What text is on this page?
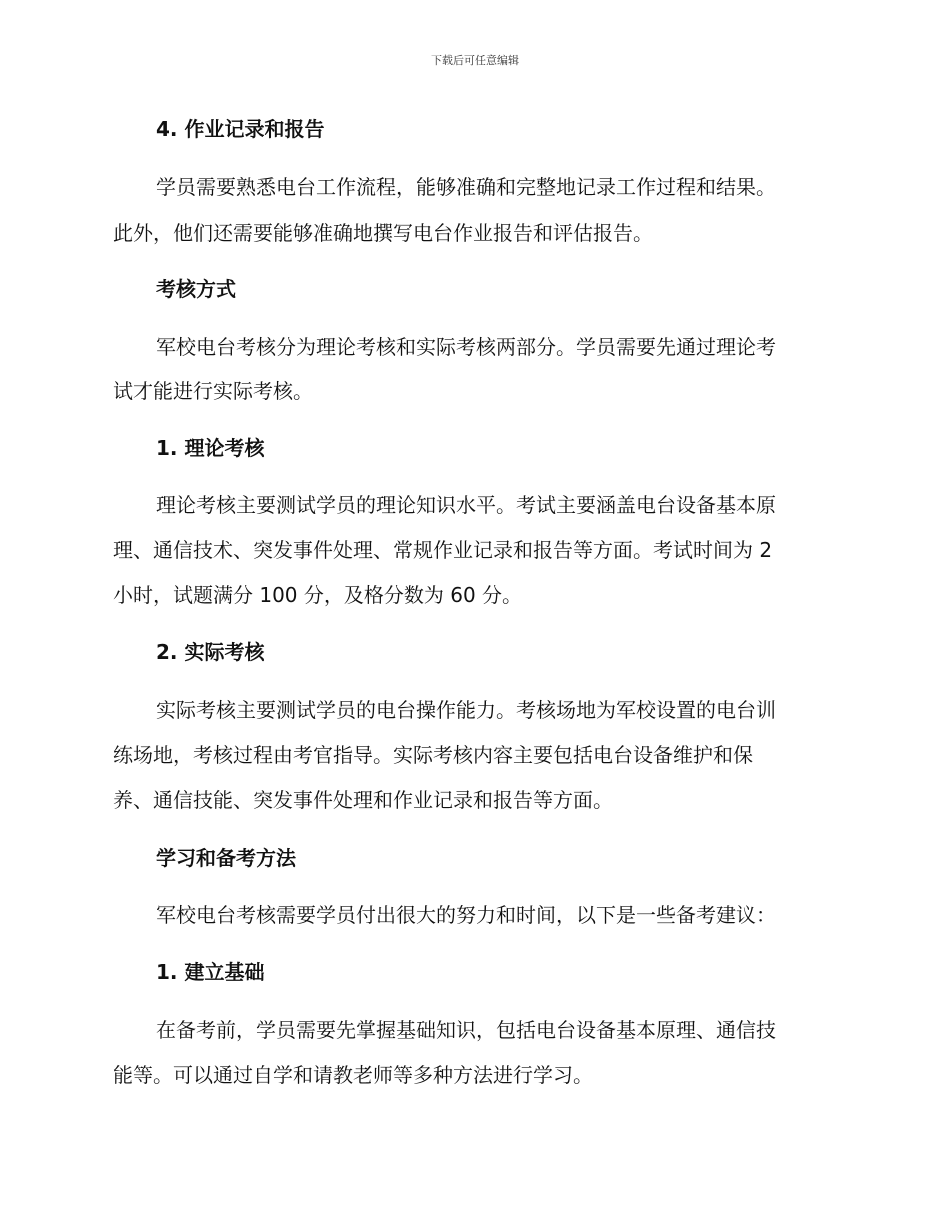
下载后可任意编辑
4. 作业记录和报告
学员需要熟悉电台工作流程，能够准确和完整地记录工作过程和结果。
此外，他们还需要能够准确地撰写电台作业报告和评估报告。
考核方式
军校电台考核分为理论考核和实际考核两部分。学员需要先通过理论考
试才能进行实际考核。
1. 理论考核
理论考核主要测试学员的理论知识水平。考试主要涵盖电台设备基本原
理、通信技术、突发事件处理、常规作业记录和报告等方面。考试时间为 2
小时，试题满分 100 分，及格分数为 60 分。
2. 实际考核
实际考核主要测试学员的电台操作能力。考核场地为军校设置的电台训
练场地，考核过程由考官指导。实际考核内容主要包括电台设备维护和保
养、通信技能、突发事件处理和作业记录和报告等方面。
学习和备考方法
军校电台考核需要学员付出很大的努力和时间，以下是一些备考建议：
1. 建立基础
在备考前，学员需要先掌握基础知识，包括电台设备基本原理、通信技
能等。可以通过自学和请教老师等多种方法进行学习。
